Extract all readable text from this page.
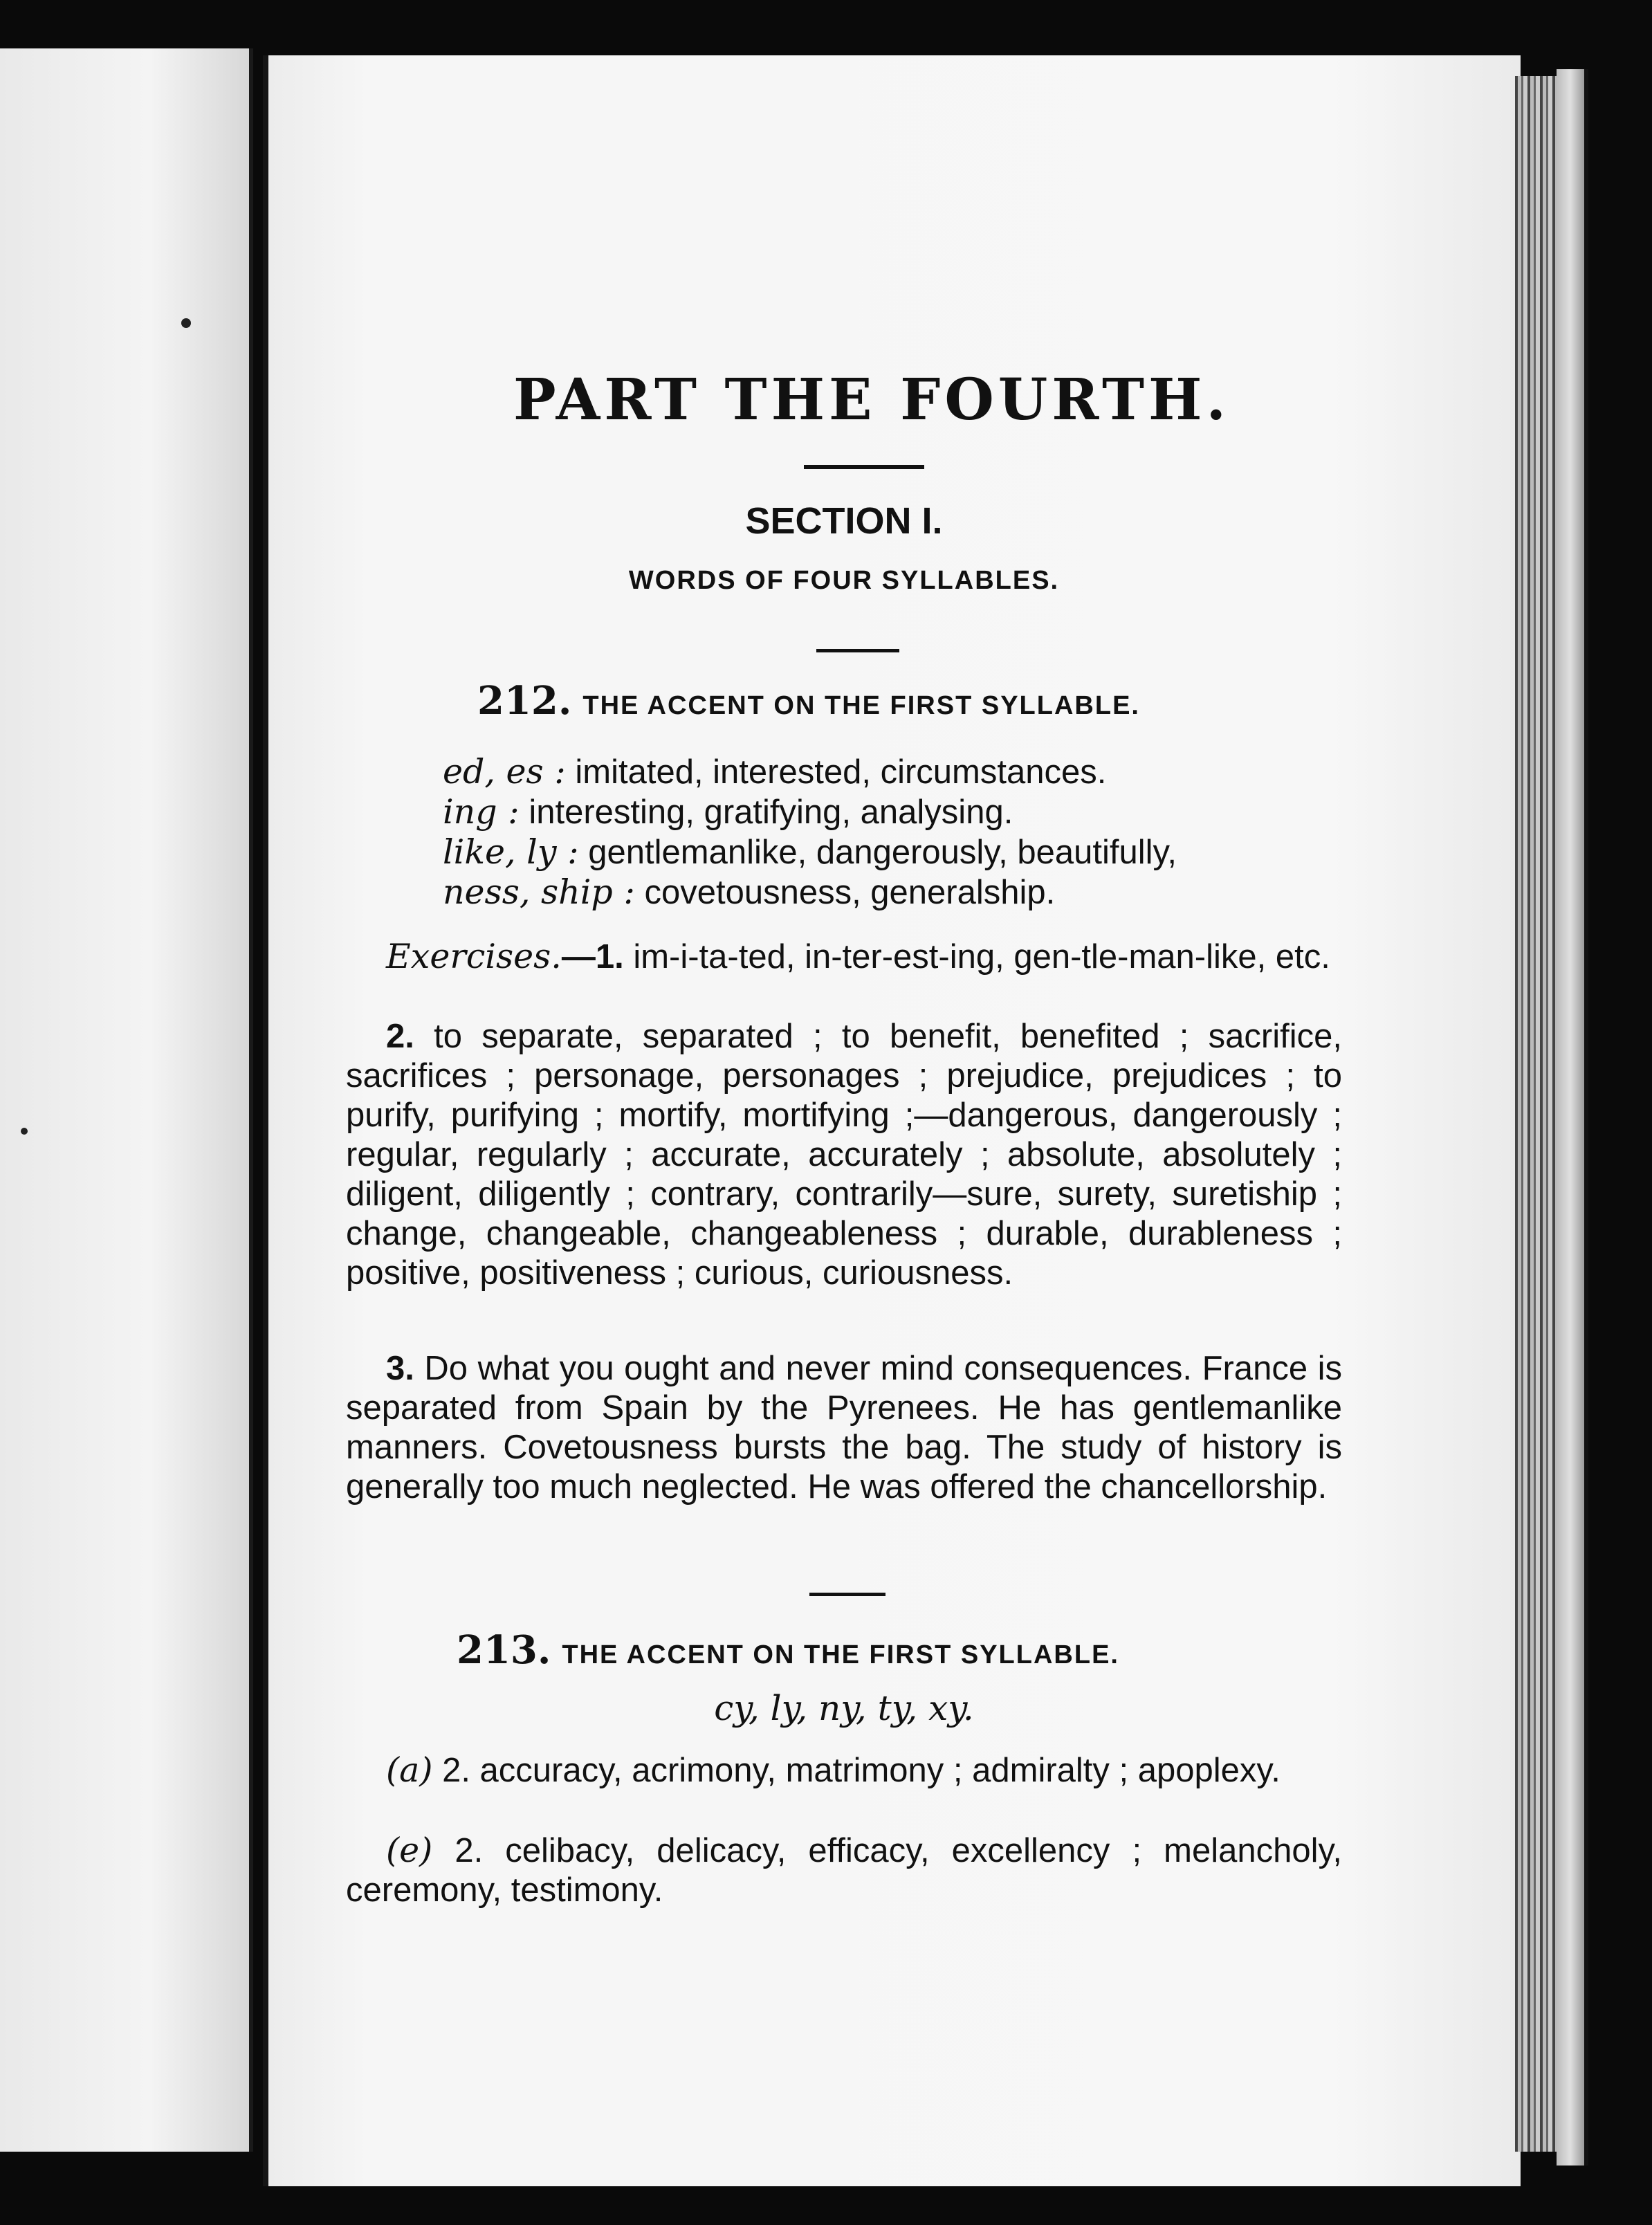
PART THE FOURTH.
SECTION I.
WORDS OF FOUR SYLLABLES.
212. THE ACCENT ON THE FIRST SYLLABLE.
ed, es : imitated, interested, circumstances.
ing : interesting, gratifying, analysing.
like, ly : gentlemanlike, dangerously, beautifully,
ness, ship : covetousness, generalship.
Exercises.—1. im-i-ta-ted, in-ter-est-ing, gen-tle-man-like, etc.
2. to separate, separated ; to benefit, benefited ; sacrifice, sacrifices ; personage, personages ; prejudice, prejudices ; to purify, purifying ; mortify, mortifying ;—dangerous, dangerously ; regular, regularly ; accurate, accurately ; absolute, absolutely ; diligent, diligently ; contrary, contrarily—sure, surety, suretiship ; change, changeable, changeableness ; durable, durableness ; positive, positiveness ; curious, curiousness.
3. Do what you ought and never mind consequences. France is separated from Spain by the Pyrenees. He has gentlemanlike manners. Covetousness bursts the bag. The study of history is generally too much neglected. He was offered the chancellorship.
213. THE ACCENT ON THE FIRST SYLLABLE.
cy, ly, ny, ty, xy.
(a) 2. accuracy, acrimony, matrimony ; admiralty ; apoplexy.
(e) 2. celibacy, delicacy, efficacy, excellency ; melancholy, ceremony, testimony.
